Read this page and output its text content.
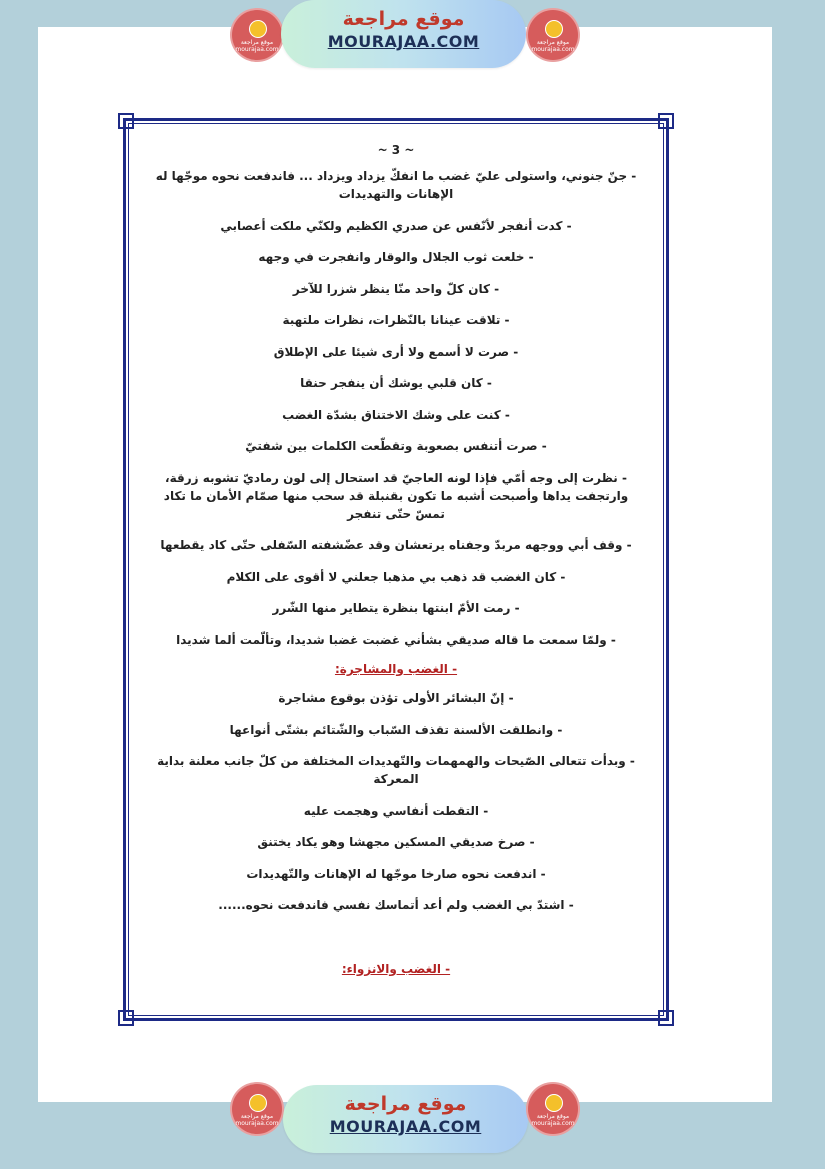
موقع مراجعة mourajaa.com
موقع مراجعة
MOURAJAA.COM	موقع مراجعة mourajaa.com
~ 3 ~
- جنّ جنوني، واستولى عليّ غضب ما انفكّ يزداد ويزداد ... فاندفعت نحوه موجّها له الإهانات والتهديدات
- كدت أنفجر لأنّفس عن صدري الكظيم ولكنّي ملكت أعصابي
- خلعت ثوب الجلال والوقار وانفجرت في وجهه
- كان كلّ واحد منّا ينظر شزرا للآخر
- تلاقت عينانا بالنّظرات، نظرات ملتهبة
- صرت لا أسمع ولا أرى شيئا على الإطلاق
- كان قلبي يوشك أن ينفجر حنقا
- كنت على وشك الاختناق بشدّة الغضب
- صرت أتنفس بصعوبة وتقطّعت الكلمات بين شفتيّ
- نظرت إلى وجه أمّي فإذا لونه العاجيّ قد استحال إلى لون رماديّ تشوبه زرقة، وارتجفت يداها وأصبحت أشبه ما تكون بقنبلة قد سحب منها صمّام الأمان ما تكاد تمسّ حتّى تنفجر
- وقف أبي ووجهه مربدّ وجفناه يرتعشان وقد عضّشفته السّفلى حتّى كاد يقطعها
- كان الغضب قد ذهب بي مذهبا جعلني لا أقوى على الكلام
- رمت الأمّ ابنتها بنظرة يتطاير منها الشّرر
- ولمّا سمعت ما قاله صديقي بشأني غضبت غضبا شديدا، وتألّمت ألما شديدا
- الغضب والمشاجرة:
- إنّ البشائر الأولى تؤذن بوقوع مشاجرة
- وانطلقت الألسنة تقذف السّباب والشّتائم بشتّى أنواعها
- وبدأت تتعالى الصّيحات والهمهمات والتّهديدات المختلفة من كلّ جانب معلنة بداية المعركة
- التقطت أنفاسي وهجمت عليه
- صرخ صديقي المسكين مجهشا وهو يكاد يختنق
- اندفعت نحوه صارخا موجّها له الإهانات والتّهديدات
- اشتدّ بي الغضب ولم أعد أتماسك نفسي فاندفعت نحوه......
- الغضب والانزواء:
موقع مراجعة mourajaa.com
موقع مراجعة
MOURAJAA.COM
موقع مراجعة mourajaa.com
